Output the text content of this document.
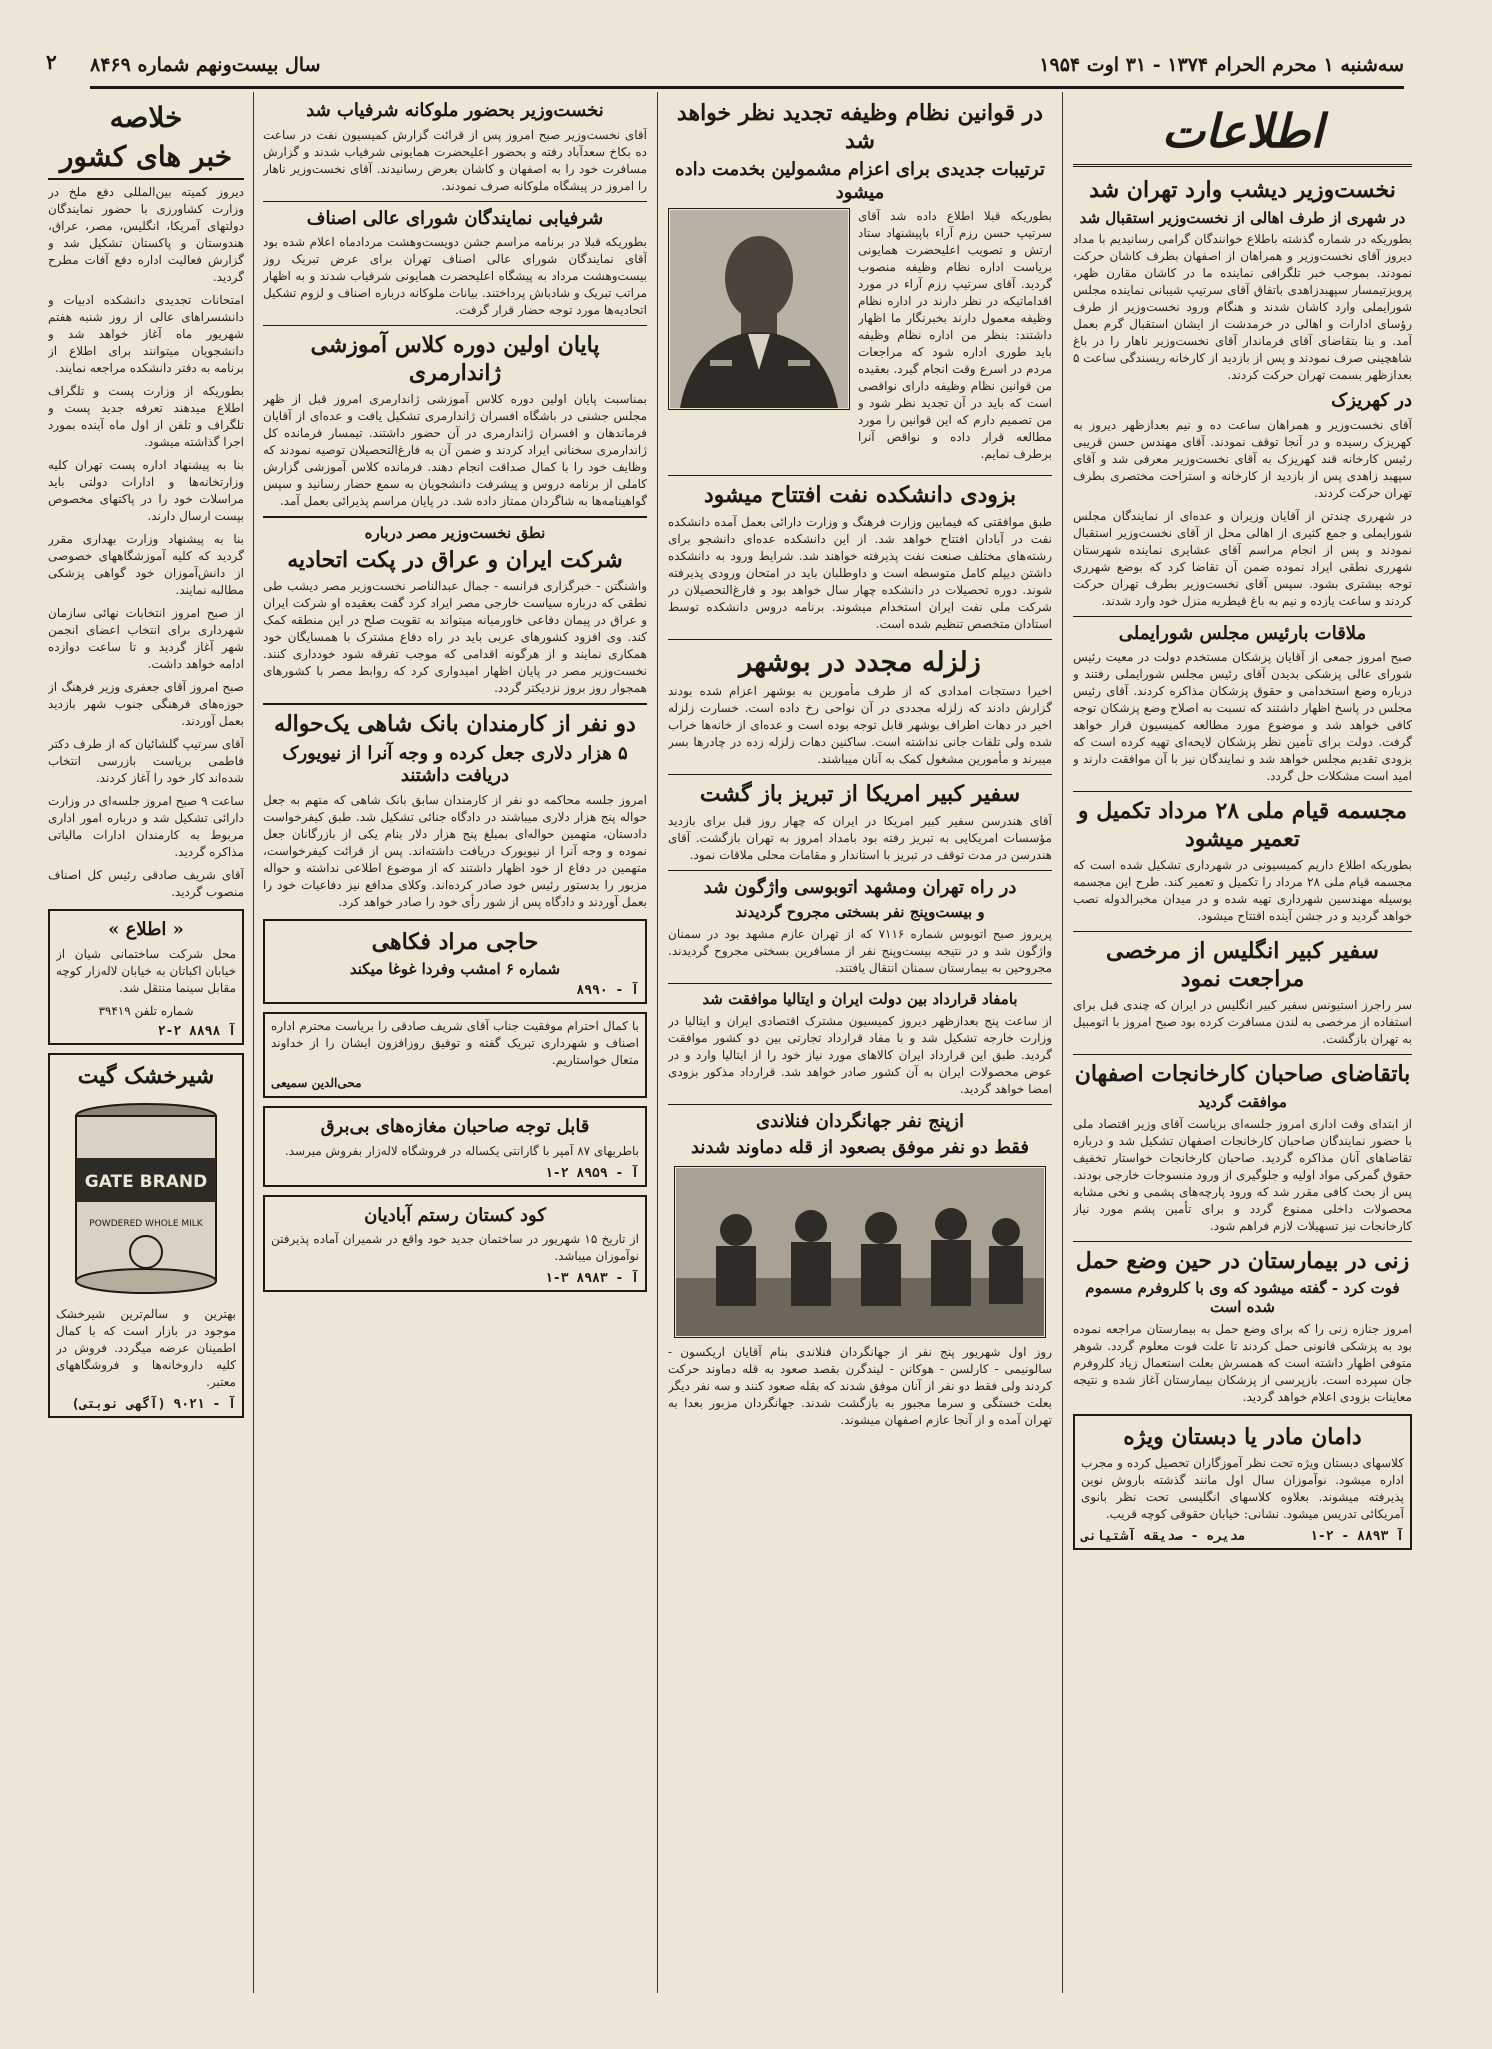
سه‌شنبه ۱ محرم الحرام ۱۳۷۴ - ۳۱ اوت ۱۹۵۴
سال بیست‌ونهم شماره ۸۴۶۹
۲
اطلاعات
نخست‌وزیر دیشب وارد تهران شد
در شهری از طرف اهالی از نخست‌وزیر استقبال شد

بطوریکه در شماره گذشته باطلاع خوانندگان گرامی رسانیدیم با مداد دیروز آقای نخست‌وزیر و همراهان از اصفهان بطرف کاشان حرکت نمودند. بموجب خبر تلگرافی نماینده ما در کاشان مقارن ظهر، پرویزتیمسار سپهبدزاهدی باتفاق آقای سرتیپ شیبانی نماینده مجلس شورایملی وارد کاشان شدند و هنگام ورود نخست‌وزیر از طرف رؤسای ادارات و اهالی در خرمدشت از ایشان استقبال گرم بعمل آمد. و بنا بتقاضای آقای فرماندار آقای نخست‌وزیر ناهار را در باغ شاهچینی صرف نمودند و پس از بازدید از کارخانه ریسندگی ساعت ۵ بعدازظهر بسمت تهران حرکت کردند.

در کهریزک

آقای نخست‌وزیر و همراهان ساعت ده و نیم بعدازظهر دیروز به کهریزک رسیده و در آنجا توقف نمودند. آقای مهندس حسن قریبی رئیس کارخانه قند کهریزک به آقای نخست‌وزیر معرفی شد و آقای سپهبد زاهدی پس از بازدید از کارخانه و استراحت مختصری بطرف تهران حرکت کردند.

در شهرری چندتن از آقایان وزیران و عده‌ای از نمایندگان مجلس شورایملی و جمع کثیری از اهالی محل از آقای نخست‌وزیر استقبال نمودند و پس از انجام مراسم آقای عشایری نماینده شهرستان شهرری نطقی ایراد نموده ضمن آن تقاضا کرد که بوضع شهرری توجه بیشتری بشود. سپس آقای نخست‌وزیر بطرف تهران حرکت کردند و ساعت یازده و نیم به باغ قیطریه منزل خود وارد شدند.

ملاقات بارئیس مجلس شورایملی

صبح امروز جمعی از آقایان پزشکان مستخدم دولت در معیت رئیس شورای عالی پزشکی بدیدن آقای رئیس مجلس شورایملی رفتند و درباره وضع استخدامی و حقوق پزشکان مذاکره کردند. آقای رئیس مجلس در پاسخ اظهار داشتند که نسبت به اصلاح وضع پزشکان توجه کافی خواهد شد و موضوع مورد مطالعه کمیسیون قرار خواهد گرفت. دولت برای تأمین نظر پزشکان لایحه‌ای تهیه کرده است که بزودی تقدیم مجلس خواهد شد و نمایندگان نیز با آن موافقت دارند و امید است مشکلات حل گردد.

مجسمه قیام ملی ۲۸ مرداد تکمیل و تعمیر میشود

بطوریکه اطلاع داریم کمیسیونی در شهرداری تشکیل شده است که مجسمه قیام ملی ۲۸ مرداد را تکمیل و تعمیر کند. طرح این مجسمه بوسیله مهندسین شهرداری تهیه شده و در میدان مخبرالدوله نصب خواهد گردید و در جشن آینده افتتاح میشود.

سفیر کبیر انگلیس از مرخصی مراجعت نمود

سر راجرز استیونس سفیر کبیر انگلیس در ایران که چندی قبل برای استفاده از مرخصی به لندن مسافرت کرده بود صبح امروز با اتومبیل به تهران بازگشت.

باتقاضای صاحبان کارخانجات اصفهان
موافقت گردید

از ابتدای وقت اداری امروز جلسه‌ای بریاست آقای وزیر اقتصاد ملی با حضور نمایندگان صاحبان کارخانجات اصفهان تشکیل شد و درباره تقاضاهای آنان مذاکره گردید. صاحبان کارخانجات خواستار تخفیف حقوق گمرکی مواد اولیه و جلوگیری از ورود منسوجات خارجی بودند. پس از بحث کافی مقرر شد که ورود پارچه‌های پشمی و نخی مشابه محصولات داخلی ممنوع گردد و برای تأمین پشم مورد نیاز کارخانجات نیز تسهیلات لازم فراهم شود.

زنی در بیمارستان در حین وضع حمل
فوت کرد - گفته میشود که وی با کلروفرم مسموم شده است

امروز جنازه زنی را که برای وضع حمل به بیمارستان مراجعه نموده بود به پزشکی قانونی حمل کردند تا علت فوت معلوم گردد. شوهر متوفی اظهار داشته است که همسرش بعلت استعمال زیاد کلروفرم جان سپرده است. بازپرسی از پزشکان بیمارستان آغاز شده و نتیجه معاینات بزودی اعلام خواهد گردید.

دامان مادر یا دبستان ویژه

کلاسهای دبستان ویژه تحت نظر آموزگاران تحصیل کرده و مجرب اداره میشود. نوآموزان سال اول مانند گذشته باروش نوین پذیرفته میشوند. بعلاوه کلاسهای انگلیسی تحت نظر بانوی آمریکائی تدریس میشود. نشانی: خیابان حقوقی کوچه قریب.

آ ۸۸۹۳ - ۲-۱
مدیره - صدیقه آشتیانی
در قوانین نظام وظیفه تجدید نظر خواهد شد
ترتیبات جدیدی برای اعزام مشمولین بخدمت داده میشود

بطوریکه قبلا اطلاع داده شد آقای سرتیپ حسن رزم آراء باپیشنهاد ستاد ارتش و تصویب اعلیحضرت همایونی بریاست اداره نظام وظیفه منصوب گردید. آقای سرتیپ رزم آراء در مورد اقداماتیکه در نظر دارند در اداره نظام وظیفه معمول دارند بخبرنگار ما اظهار داشتند: بنظر من اداره نظام وظیفه باید طوری اداره شود که مراجعات مردم در اسرع وقت انجام گیرد. بعقیده من قوانین نظام وظیفه دارای نواقصی است که باید در آن تجدید نظر شود و من تصمیم دارم که این قوانین را مورد مطالعه قرار داده و نواقص آنرا برطرف نمایم.

بزودی دانشکده نفت افتتاح میشود

طبق موافقتی که فیمابین وزارت فرهنگ و وزارت دارائی بعمل آمده دانشکده نفت در آبادان افتتاح خواهد شد. از این دانشکده عده‌ای دانشجو برای رشته‌های مختلف صنعت نفت پذیرفته خواهند شد. شرایط ورود به دانشکده داشتن دیپلم کامل متوسطه است و داوطلبان باید در امتحان ورودی پذیرفته شوند. دوره تحصیلات در دانشکده چهار سال خواهد بود و فارغ‌التحصیلان در شرکت ملی نفت ایران استخدام میشوند. برنامه دروس دانشکده توسط استادان متخصص تنظیم شده است.

زلزله مجدد در بوشهر

اخیرا دستجات امدادی که از طرف مأمورین به بوشهر اعزام شده بودند گزارش دادند که زلزله مجددی در آن نواحی رخ داده است. خسارت زلزله اخیر در دهات اطراف بوشهر قابل توجه بوده است و عده‌ای از خانه‌ها خراب شده ولی تلفات جانی نداشته است. ساکنین دهات زلزله زده در چادرها بسر میبرند و مأمورین مشغول کمک به آنان میباشند.

سفیر کبیر امریکا از تبریز باز گشت

آقای هندرسن سفیر کبیر امریکا در ایران که چهار روز قبل برای بازدید مؤسسات امریکایی به تبریز رفته بود بامداد امروز به تهران بازگشت. آقای هندرسن در مدت توقف در تبریز با استاندار و مقامات محلی ملاقات نمود.

در راه تهران ومشهد اتوبوسی واژگون شد
و بیست‌وپنج نفر بسختی مجروح گردیدند

پریروز صبح اتوبوس شماره ۷۱۱۶ که از تهران عازم مشهد بود در سمنان واژگون شد و در نتیجه بیست‌وپنج نفر از مسافرین بسختی مجروح گردیدند. مجروحین به بیمارستان سمنان انتقال یافتند.

بامفاد قرارداد بین دولت ایران و ایتالیا موافقت شد

از ساعت پنج بعدازظهر دیروز کمیسیون مشترک اقتصادی ایران و ایتالیا در وزارت خارجه تشکیل شد و با مفاد قرارداد تجارتی بین دو کشور موافقت گردید. طبق این قرارداد ایران کالاهای مورد نیاز خود را از ایتالیا وارد و در عوض محصولات ایران به آن کشور صادر خواهد شد. قرارداد مذکور بزودی امضا خواهد گردید.

ازپنج نفر جهانگردان فنلاندی
فقط دو نفر موفق بصعود از قله دماوند شدند

روز اول شهریور پنج نفر از جهانگردان فنلاندی بنام آقایان اریکسون - سالونیمی - کارلسن - هوکانن - لیندگرن بقصد صعود به قله دماوند حرکت کردند ولی فقط دو نفر از آنان موفق شدند که بقله صعود کنند و سه نفر دیگر بعلت خستگی و سرما مجبور به بازگشت شدند. جهانگردان مزبور بعدا به تهران آمده و از آنجا عازم اصفهان میشوند.

نخست‌وزیر بحضور ملوکانه شرفیاب شد

آقای نخست‌وزیر صبح امروز پس از قرائت گزارش کمیسیون نفت در ساعت ده بکاخ سعدآباد رفته و بحضور اعلیحضرت همایونی شرفیاب شدند و گزارش مسافرت خود را به اصفهان و کاشان بعرض رسانیدند. آقای نخست‌وزیر ناهار را امروز در پیشگاه ملوکانه صرف نمودند.

شرفیابی نمایندگان شورای عالی اصناف

بطوریکه قبلا در برنامه مراسم جشن دویست‌وهشت مردادماه اعلام شده بود آقای نمایندگان شورای عالی اصناف تهران برای عرض تبریک روز بیست‌وهشت مرداد به پیشگاه اعلیحضرت همایونی شرفیاب شدند و به اظهار مراتب تبریک و شادباش پرداختند. بیانات ملوکانه درباره اصناف و لزوم تشکیل اتحادیه‌ها مورد توجه حضار قرار گرفت.

پایان اولین دوره کلاس آموزشی ژاندارمری

بمناسبت پایان اولین دوره کلاس آموزشی ژاندارمری امروز قبل از ظهر مجلس جشنی در باشگاه افسران ژاندارمری تشکیل یافت و عده‌ای از آقایان فرماندهان و افسران ژاندارمری در آن حضور داشتند. تیمسار فرمانده کل ژاندارمری سخنانی ایراد کردند و ضمن آن به فارغ‌التحصیلان توصیه نمودند که وظایف خود را با کمال صداقت انجام دهند. فرمانده کلاس آموزشی گزارش کاملی از برنامه دروس و پیشرفت دانشجویان به سمع حضار رسانید و سپس گواهینامه‌ها به شاگردان ممتاز داده شد. در پایان مراسم پذیرائی بعمل آمد.

نطق نخست‌وزیر مصر درباره
شرکت ایران و عراق در پکت اتحادیه

واشنگتن - خبرگزاری فرانسه - جمال عبدالناصر نخست‌وزیر مصر دیشب طی نطقی که درباره سیاست خارجی مصر ایراد کرد گفت بعقیده او شرکت ایران و عراق در پیمان دفاعی خاورمیانه میتواند به تقویت صلح در این منطقه کمک کند. وی افزود کشورهای عربی باید در راه دفاع مشترک با همسایگان خود همکاری نمایند و از هرگونه اقدامی که موجب تفرقه شود خودداری کنند. نخست‌وزیر مصر در پایان اظهار امیدواری کرد که روابط مصر با کشورهای همجوار روز بروز نزدیکتر گردد.

دو نفر از کارمندان بانک شاهی یک‌حواله
۵ هزار دلاری جعل کرده و وجه آنرا از نیویورک دریافت داشتند

امروز جلسه محاکمه دو نفر از کارمندان سابق بانک شاهی که متهم به جعل حواله پنج هزار دلاری میباشند در دادگاه جنائی تشکیل شد. طبق کیفرخواست دادستان، متهمین حواله‌ای بمبلغ پنج هزار دلار بنام یکی از بازرگانان جعل نموده و وجه آنرا از نیویورک دریافت داشته‌اند. پس از قرائت کیفرخواست، متهمین در دفاع از خود اظهار داشتند که از موضوع اطلاعی نداشته و حواله مزبور را بدستور رئیس خود صادر کرده‌اند. وکلای مدافع نیز دفاعیات خود را بعمل آوردند و دادگاه پس از شور رأی خود را صادر خواهد کرد.

حاجی مراد فکاهی
شماره ۶ امشب وفردا غوغا میکند
آ - ۸۹۹۰

با کمال احترام موفقیت جناب آقای شریف صادقی را بریاست محترم اداره اصناف و شهرداری تبریک گفته و توفیق روزافزون ایشان را از خداوند متعال خواستاریم.

محی‌الدین سمیعی
قابل توجه صاحبان مغازه‌های بی‌برق

باطریهای ۸۷ آمپر با گارانتی یکساله در فروشگاه لاله‌زار بفروش میرسد.

آ - ۸۹۵۹ ۲-۱
کود کستان رستم آبادیان

از تاریخ ۱۵ شهریور در ساختمان جدید خود واقع در شمیران آماده پذیرفتن نوآموزان میباشد.

آ - ۸۹۸۳ ۳-۱
خلاصه
خبر های کشور

دیروز کمیته بین‌المللی دفع ملخ در وزارت کشاورزی با حضور نمایندگان دولتهای آمریکا، انگلیس، مصر، عراق، هندوستان و پاکستان تشکیل شد و گزارش فعالیت اداره دفع آفات مطرح گردید.

امتحانات تجدیدی دانشکده ادبیات و دانشسراهای عالی از روز شنبه هفتم شهریور ماه آغاز خواهد شد و دانشجویان میتوانند برای اطلاع از برنامه به دفتر دانشکده مراجعه نمایند.

بطوریکه از وزارت پست و تلگراف اطلاع میدهند تعرفه جدید پست و تلگراف و تلفن از اول ماه آینده بمورد اجرا گذاشته میشود.

بنا به پیشنهاد اداره پست تهران کلیه وزارتخانه‌ها و ادارات دولتی باید مراسلات خود را در پاکتهای مخصوص بپست ارسال دارند.

بنا به پیشنهاد وزارت بهداری مقرر گردید که کلیه آموزشگاههای خصوصی از دانش‌آموزان خود گواهی پزشکی مطالبه نمایند.

از صبح امروز انتخابات نهائی سازمان شهرداری برای انتخاب اعضای انجمن شهر آغاز گردید و تا ساعت دوازده ادامه خواهد داشت.

صبح امروز آقای جعفری وزیر فرهنگ از حوزه‌های فرهنگی جنوب شهر بازدید بعمل آوردند.

آقای سرتیپ گلشائیان که از طرف دکتر فاطمی بریاست بازرسی انتخاب شده‌اند کار خود را آغاز کردند.

ساعت ۹ صبح امروز جلسه‌ای در وزارت دارائی تشکیل شد و درباره امور اداری مربوط به کارمندان ادارات مالیاتی مذاکره گردید.

آقای شریف صادقی رئیس کل اصناف منصوب گردید.

« اطلاع »

محل شرکت ساختمانی شیان از خیابان اکباتان به خیابان لاله‌زار کوچه مقابل سینما منتقل شد.

شماره تلفن ۳۹۴۱۹
آ ۸۸۹۸ ۲-۲
شیرخشک گیت
GATE BRAND
POWDERED WHOLE MILK

بهترین و سالم‌ترین شیرخشک موجود در بازار است که با کمال اطمینان عرضه میگردد. فروش در کلیه داروخانه‌ها و فروشگاههای معتبر.

آ - ۹۰۲۱ (آگهی نوبتی)
